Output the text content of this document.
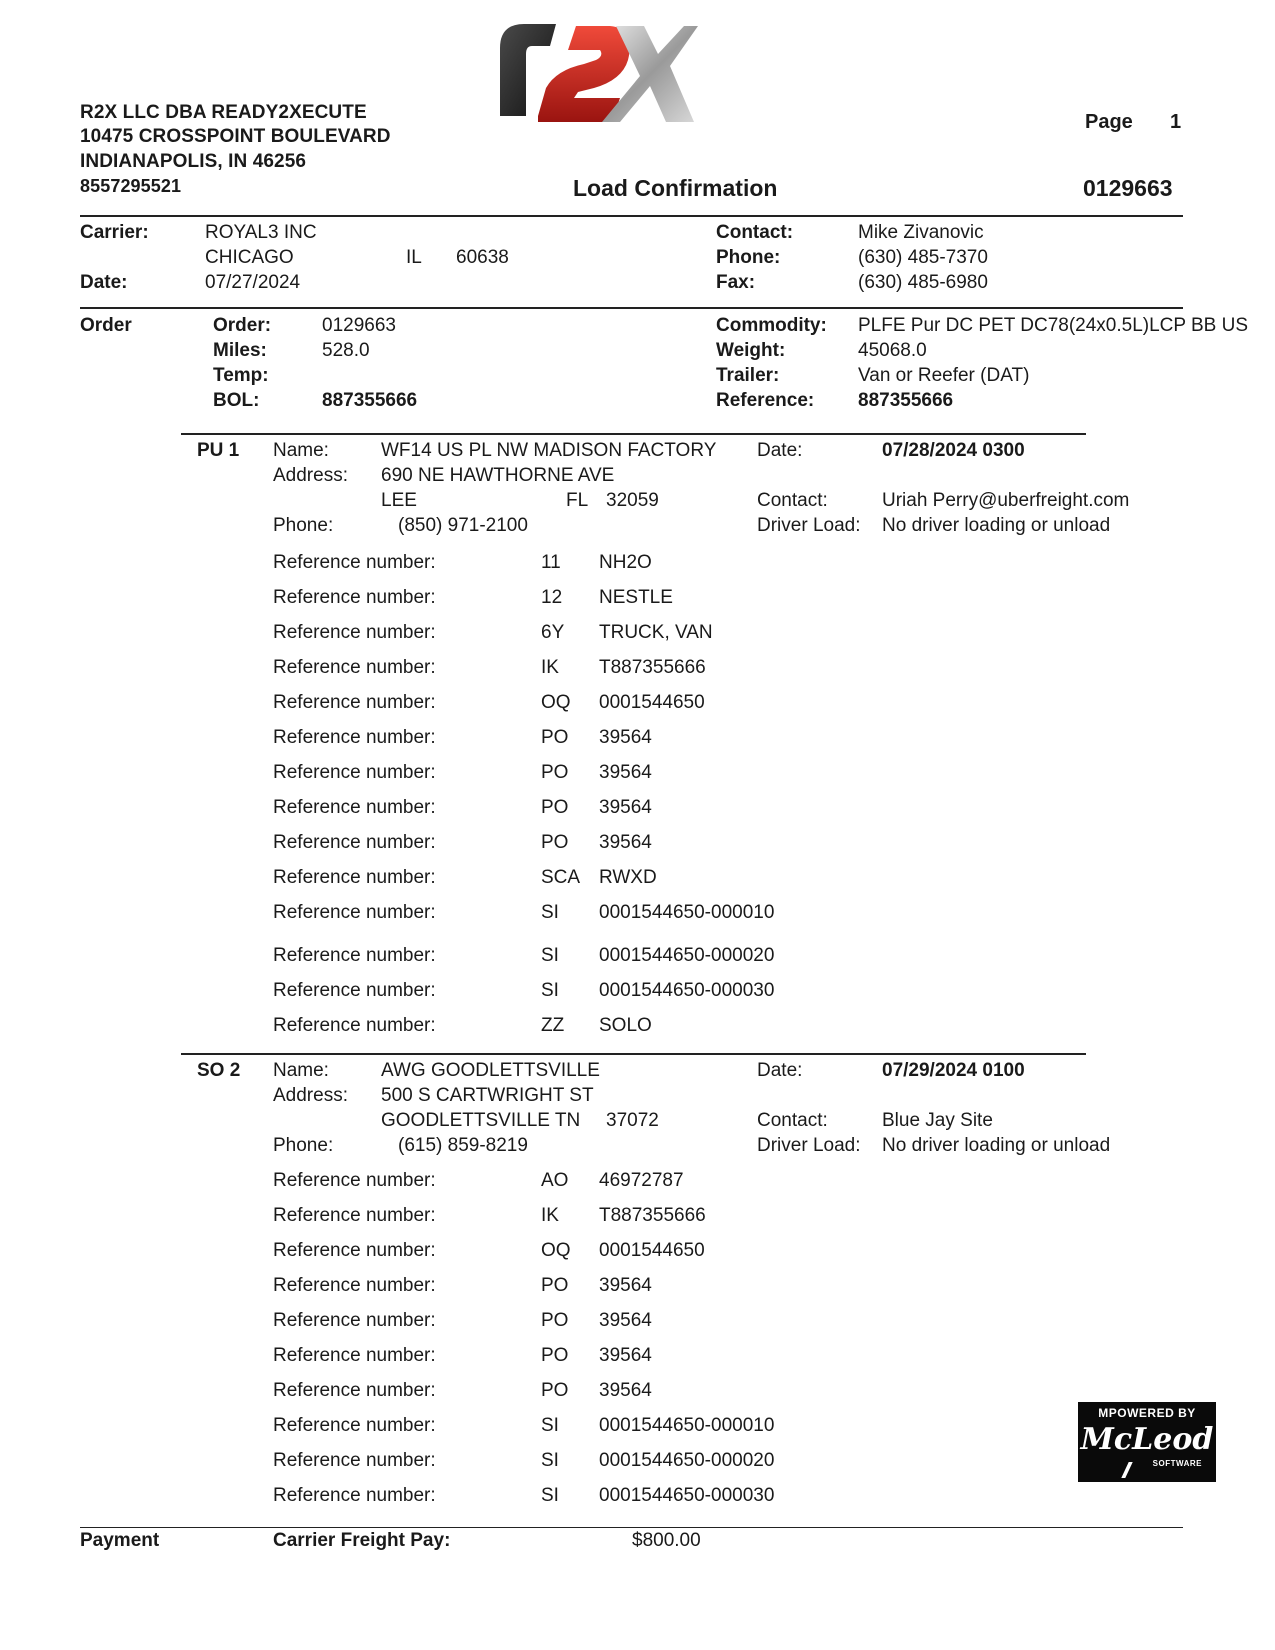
R2X LLC DBA READY2XECUTE
10475 CROSSPOINT BOULEVARD
INDIANAPOLIS, IN 46256
8557295521
Page 1
Load Confirmation	0129663
Carrier:	ROYAL3 INC
CHICAGO	IL 60638
Date:	07/27/2024
Contact:	Mike Zivanovic
Phone:	(630) 485-7370
Fax:	(630) 485-6980
Order	Order:	0129663
Miles:	528.0
Temp:
BOL:	887355666
Commodity: PLFE Pur DC PET DC78(24x0.5L)LCP BB US
Weight:	45068.0
Trailer:	Van or Reefer (DAT)
Reference: 887355666
PU 1 Name:	WF14 US PL NW MADISON FACTORY
Address: 690 NE HAWTHORNE AVE
LEE	FL 32059
Phone:	(850) 971-2100
Date:	07/28/2024 0300
Contact:	Uriah Perry@uberfreight.com
Driver Load: No driver loading or unload
Reference number:	11 NH2O
Reference number:	12 NESTLE
Reference number:	6Y TRUCK, VAN
Reference number:	IK T887355666
Reference number:	OQ 0001544650
Reference number:	PO 39564
Reference number:	PO 39564
Reference number:	PO 39564
Reference number:	PO 39564
Reference number:	SCA RWXD
Reference number:	SI 0001544650-000010
Reference number:	SI 0001544650-000020
Reference number:	SI 0001544650-000030
Reference number:	ZZ SOLO
SO 2 Name:	AWG GOODLETTSVILLE
Address: 500 S CARTWRIGHT ST
GOODLETTSVILLE TN 37072
Phone:	(615) 859-8219
Date:	07/29/2024 0100
Contact:	Blue Jay Site
Driver Load: No driver loading or unload
Reference number:	AO 46972787
Reference number:	IK T887355666
Reference number:	OQ 0001544650
Reference number:	PO 39564
Reference number:	PO 39564
Reference number:	PO 39564
Reference number:	PO 39564
Reference number:	SI 0001544650-000010
Reference number:	SI 0001544650-000020
Reference number:	SI 0001544650-000030
MPOWERED BY
McLeod
SOFTWARE
Payment	Carrier Freight Pay:	$800.00
